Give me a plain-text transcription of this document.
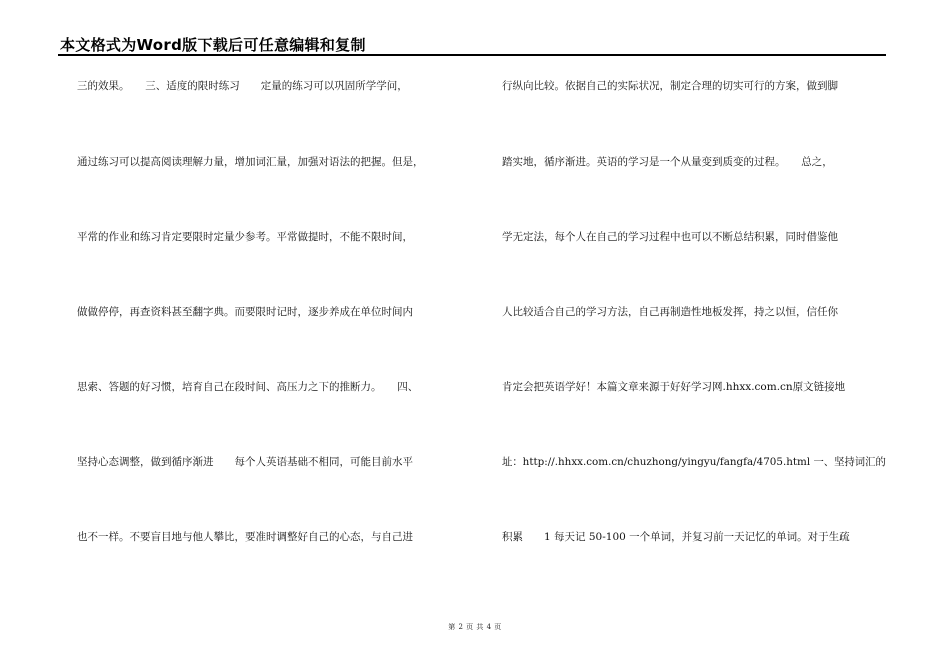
本文格式为Word版下载后可任意编辑和复制
三的效果。　　三、适度的限时练习　　定量的练习可以巩固所学学问，
通过练习可以提高阅读理解力量，增加词汇量，加强对语法的把握。但是，
平常的作业和练习肯定要限时定量少参考。平常做提时，不能不限时间，
做做停停，再查资料甚至翻字典。而要限时记时，逐步养成在单位时间内
思索、答题的好习惯，培育自己在段时间、高压力之下的推断力。　　四、
坚持心态调整，做到循序渐进　　每个人英语基础不相同，可能目前水平
也不一样。不要盲目地与他人攀比，要准时调整好自己的心态，与自己进
行纵向比较。依据自己的实际状况，制定合理的切实可行的方案，做到脚
踏实地，循序渐进。英语的学习是一个从量变到质变的过程。　　总之，
学无定法，每个人在自己的学习过程中也可以不断总结积累，同时借鉴他
人比较适合自己的学习方法，自己再制造性地板发挥，持之以恒，信任你
肯定会把英语学好！本篇文章来源于好好学习网.hhxx.com.cn原文链接地
址：http://.hhxx.com.cn/chuzhong/yingyu/fangfa/4705.html 一、坚持词汇的
积累　　1 每天记 50-100 一个单词，并复习前一天记忆的单词。对于生疏
第 2 页 共 4 页
